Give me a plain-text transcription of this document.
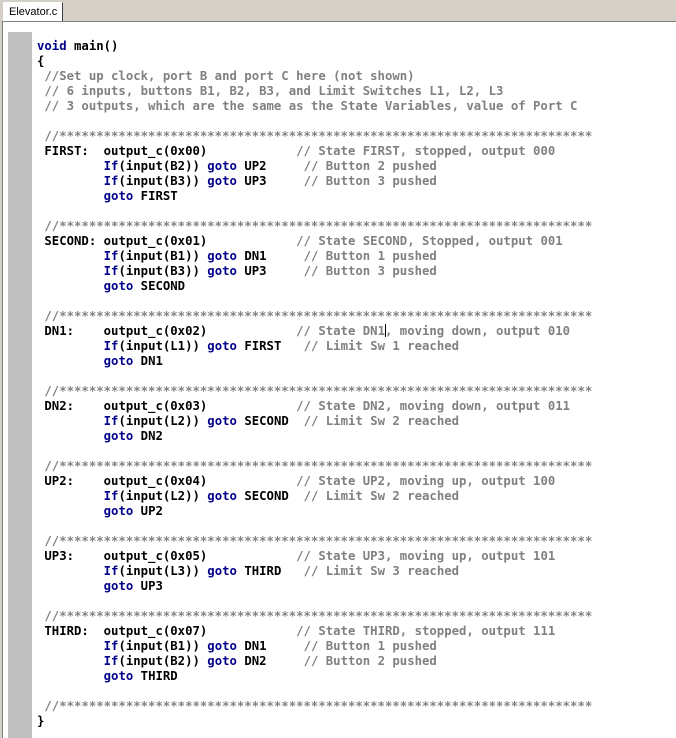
Elevator.c
void main()
{
//Set up clock, port B and port C here (not shown)
// 6 inputs, buttons B1, B2, B3, and Limit Switches L1, L2, L3
// 3 outputs, which are the same as the State Variables, value of Port C
//************************************************************************
FIRST:  output_c(0x00)	// State FIRST, stopped, output 000
If(input(B2)) goto UP2     // Button 2 pushed
If(input(B3)) goto UP3     // Button 3 pushed
goto FIRST
//************************************************************************
SECOND: output_c(0x01)	// State SECOND, Stopped, output 001
If(input(B1)) goto DN1     // Button 1 pushed
If(input(B3)) goto UP3     // Button 3 pushed
goto SECOND
//************************************************************************
DN1:    output_c(0x02)	// State DN1, moving down, output 010
If(input(L1)) goto FIRST   // Limit Sw 1 reached
goto DN1
//************************************************************************
DN2:    output_c(0x03)	// State DN2, moving down, output 011
If(input(L2)) goto SECOND  // Limit Sw 2 reached
goto DN2
//************************************************************************
UP2:    output_c(0x04)	// State UP2, moving up, output 100
If(input(L2)) goto SECOND  // Limit Sw 2 reached
goto UP2
//************************************************************************
UP3:    output_c(0x05)	// State UP3, moving up, output 101
If(input(L3)) goto THIRD   // Limit Sw 3 reached
goto UP3
//************************************************************************
THIRD:  output_c(0x07)	// State THIRD, stopped, output 111
If(input(B1)) goto DN1     // Button 1 pushed
If(input(B2)) goto DN2     // Button 2 pushed
goto THIRD
//************************************************************************
}
